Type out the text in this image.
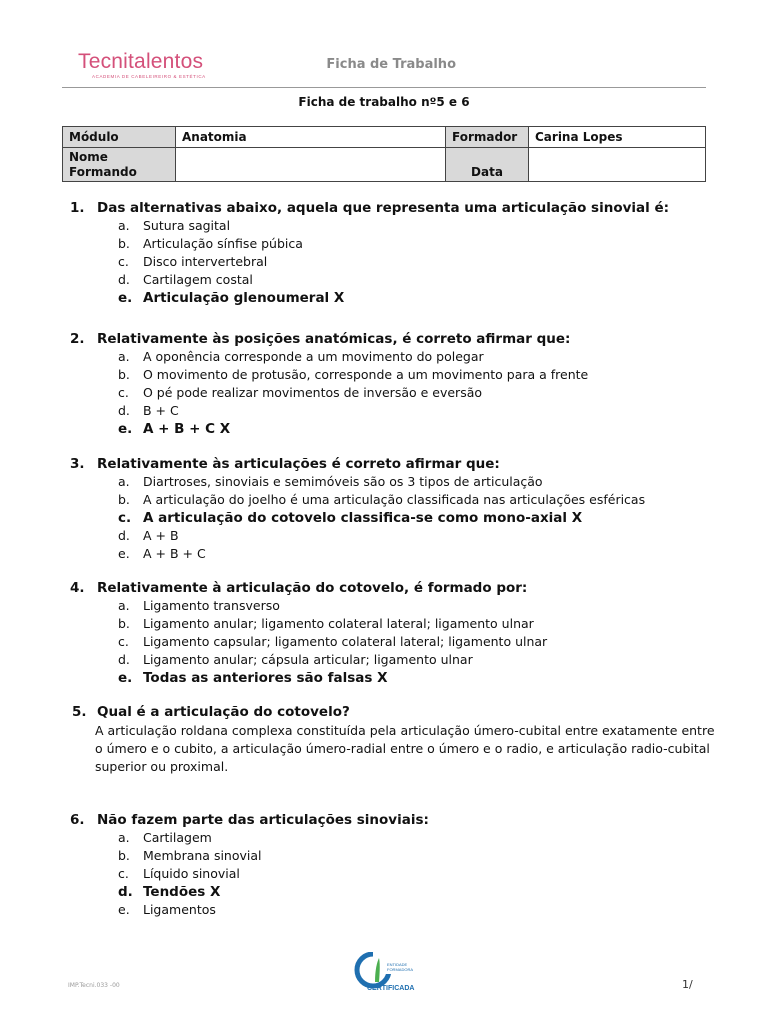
Tecnitalentos
ACADEMIA DE CABELEIREIRO & ESTÉTICA
Ficha de Trabalho
Ficha de trabalho nº5 e 6
Módulo	Anatomia	Formador	Carina Lopes

Nome
Formando		Data	
1. Das alternativas abaixo, aquela que representa uma articulação sinovial é:
a. Sutura sagital
b. Articulação sínfise púbica
c. Disco intervertebral
d. Cartilagem costal
e. Articulação glenoumeral X
2. Relativamente às posições anatómicas, é correto afirmar que:
a. A oponência corresponde a um movimento do polegar
b. O movimento de protusão, corresponde a um movimento para a frente
c. O pé pode realizar movimentos de inversão e eversão
d. B + C
e. A + B + C X
3. Relativamente às articulações é correto afirmar que:
a. Diartroses, sinoviais e semimóveis são os 3 tipos de articulação
b. A articulação do joelho é uma articulação classificada nas articulações esféricas
c. A articulação do cotovelo classifica-se como mono-axial X
d. A + B
e. A + B + C
4. Relativamente à articulação do cotovelo, é formado por:
a. Ligamento transverso
b. Ligamento anular; ligamento colateral lateral; ligamento ulnar
c. Ligamento capsular; ligamento colateral lateral; ligamento ulnar
d. Ligamento anular; cápsula articular; ligamento ulnar
e. Todas as anteriores são falsas X
5. Qual é a articulação do cotovelo?
A articulação roldana complexa constituída pela articulação úmero-cubital entre exatamente entre o úmero e o cubito, a articulação úmero-radial entre o úmero e o radio, e articulação radio-cubital superior ou proximal.
6. Não fazem parte das articulações sinoviais:
a. Cartilagem
b. Membrana sinovial
c. Líquido sinovial
d. Tendões X
e. Ligamentos
IMP.Tecni.033 -00
ENTIDADE
FORMADORA
CERTIFICADA	1/
